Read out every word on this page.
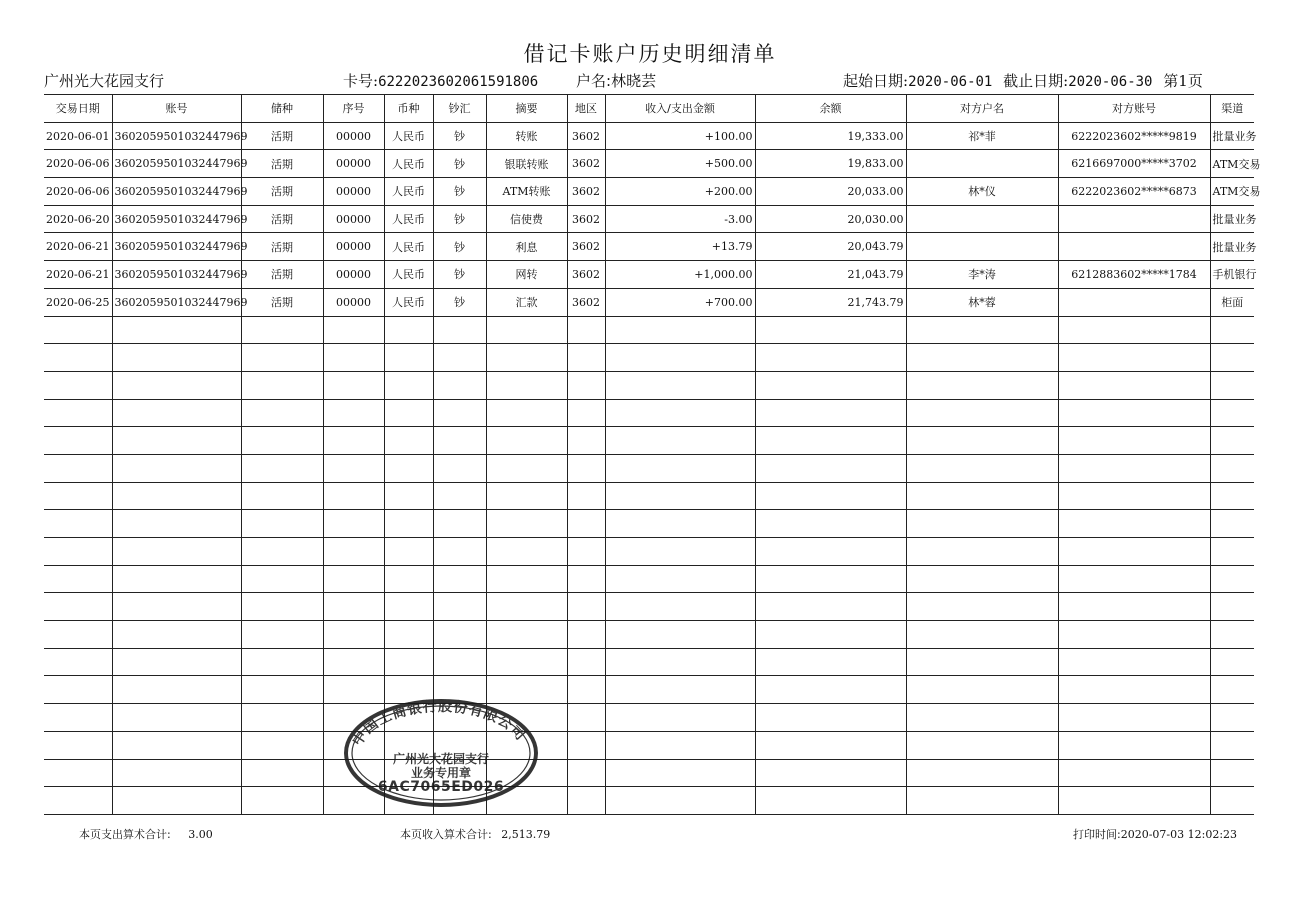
借记卡账户历史明细清单
广州光大花园支行	卡号:6222023602061591806	户名:林晓芸	起始日期:2020-06-01 截止日期:2020-06-30 第1页
交易日期	账号	储种	序号	币种	钞汇	摘要	地区	收入/支出金额	余额	对方户名	对方账号	渠道
2020-06-01	3602059501032447969	活期	00000	人民币	钞	转账	3602	+100.00	19,333.00	祁*菲	6222023602*****9819	批量业务
2020-06-06	3602059501032447969	活期	00000	人民币	钞	银联转账	3602	+500.00	19,833.00		6216697000*****3702	ATM交易
2020-06-06	3602059501032447969	活期	00000	人民币	钞	ATM转账	3602	+200.00	20,033.00	林*仪	6222023602*****6873	ATM交易
2020-06-20	3602059501032447969	活期	00000	人民币	钞	信使费	3602	-3.00	20,030.00			批量业务
2020-06-21	3602059501032447969	活期	00000	人民币	钞	利息	3602	+13.79	20,043.79			批量业务
2020-06-21	3602059501032447969	活期	00000	人民币	钞	网转	3602	+1,000.00	21,043.79	李*涛	6212883602*****1784	手机银行
2020-06-25	3602059501032447969	活期	00000	人民币	钞	汇款	3602	+700.00	21,743.79	林*蓉		柜面

中国工商银行股份有限公司
广州光大花园支行
业务专用章
6AC7065ED026
本页支出算术合计: 3.00	本页收入算术合计: 2,513.79	打印时间:2020-07-03 12:02:23
